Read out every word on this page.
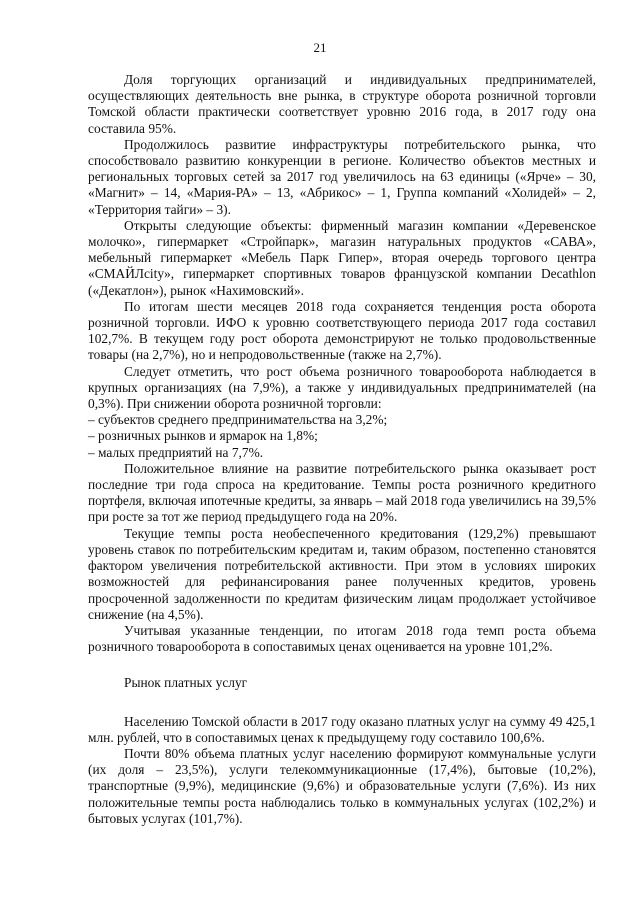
21

Доля торгующих организаций и индивидуальных предпринимателей, осуществляющих деятельность вне рынка, в структуре оборота розничной торговли Томской области практически соответствует уровню 2016 года, в 2017 году она составила 95%.

Продолжилось развитие инфраструктуры потребительского рынка, что способствовало развитию конкуренции в регионе. Количество объектов местных и региональных торговых сетей за 2017 год увеличилось на 63 единицы («Ярче» – 30, «Магнит» – 14, «Мария-РА» – 13, «Абрикос» – 1, Группа компаний «Холидей» – 2, «Территория тайги» – 3).

Открыты следующие объекты: фирменный магазин компании «Деревенское молочко», гипермаркет «Стройпарк», магазин натуральных продуктов «САВА», мебельный гипермаркет «Мебель Парк Гипер», вторая очередь торгового центра «СМАЙЛcity», гипермаркет спортивных товаров французской компании Decathlon («Декатлон»), рынок «Нахимовский».

По итогам шести месяцев 2018 года сохраняется тенденция роста оборота розничной торговли. ИФО к уровню соответствующего периода 2017 года составил 102,7%. В текущем году рост оборота демонстрируют не только продовольственные товары (на 2,7%), но и непродовольственные (также на 2,7%).

Следует отметить, что рост объема розничного товарооборота наблюдается в крупных организациях (на 7,9%), а также у индивидуальных предпринимателей (на 0,3%). При снижении оборота розничной торговли:

– субъектов среднего предпринимательства на 3,2%;

– розничных рынков и ярмарок на 1,8%;

– малых предприятий на 7,7%.

Положительное влияние на развитие потребительского рынка оказывает рост последние три года спроса на кредитование. Темпы роста розничного кредитного портфеля, включая ипотечные кредиты, за январь – май 2018 года увеличились на 39,5% при росте за тот же период предыдущего года на 20%.

Текущие темпы роста необеспеченного кредитования (129,2%) превышают уровень ставок по потребительским кредитам и, таким образом, постепенно становятся фактором увеличения потребительской активности. При этом в условиях широких возможностей для рефинансирования ранее полученных кредитов, уровень просроченной задолженности по кредитам физическим лицам продолжает устойчивое снижение (на 4,5%).

Учитывая указанные тенденции, по итогам 2018 года темп роста объема розничного товарооборота в сопоставимых ценах оценивается на уровне 101,2%.

Рынок платных услуг

Населению Томской области в 2017 году оказано платных услуг на сумму 49 425,1 млн. рублей, что в сопоставимых ценах к предыдущему году составило 100,6%.

Почти 80% объема платных услуг населению формируют коммунальные услуги (их доля – 23,5%), услуги телекоммуникационные (17,4%), бытовые (10,2%), транспортные (9,9%), медицинские (9,6%) и образовательные услуги (7,6%). Из них положительные темпы роста наблюдались только в коммунальных услугах (102,2%) и бытовых услугах (101,7%).
